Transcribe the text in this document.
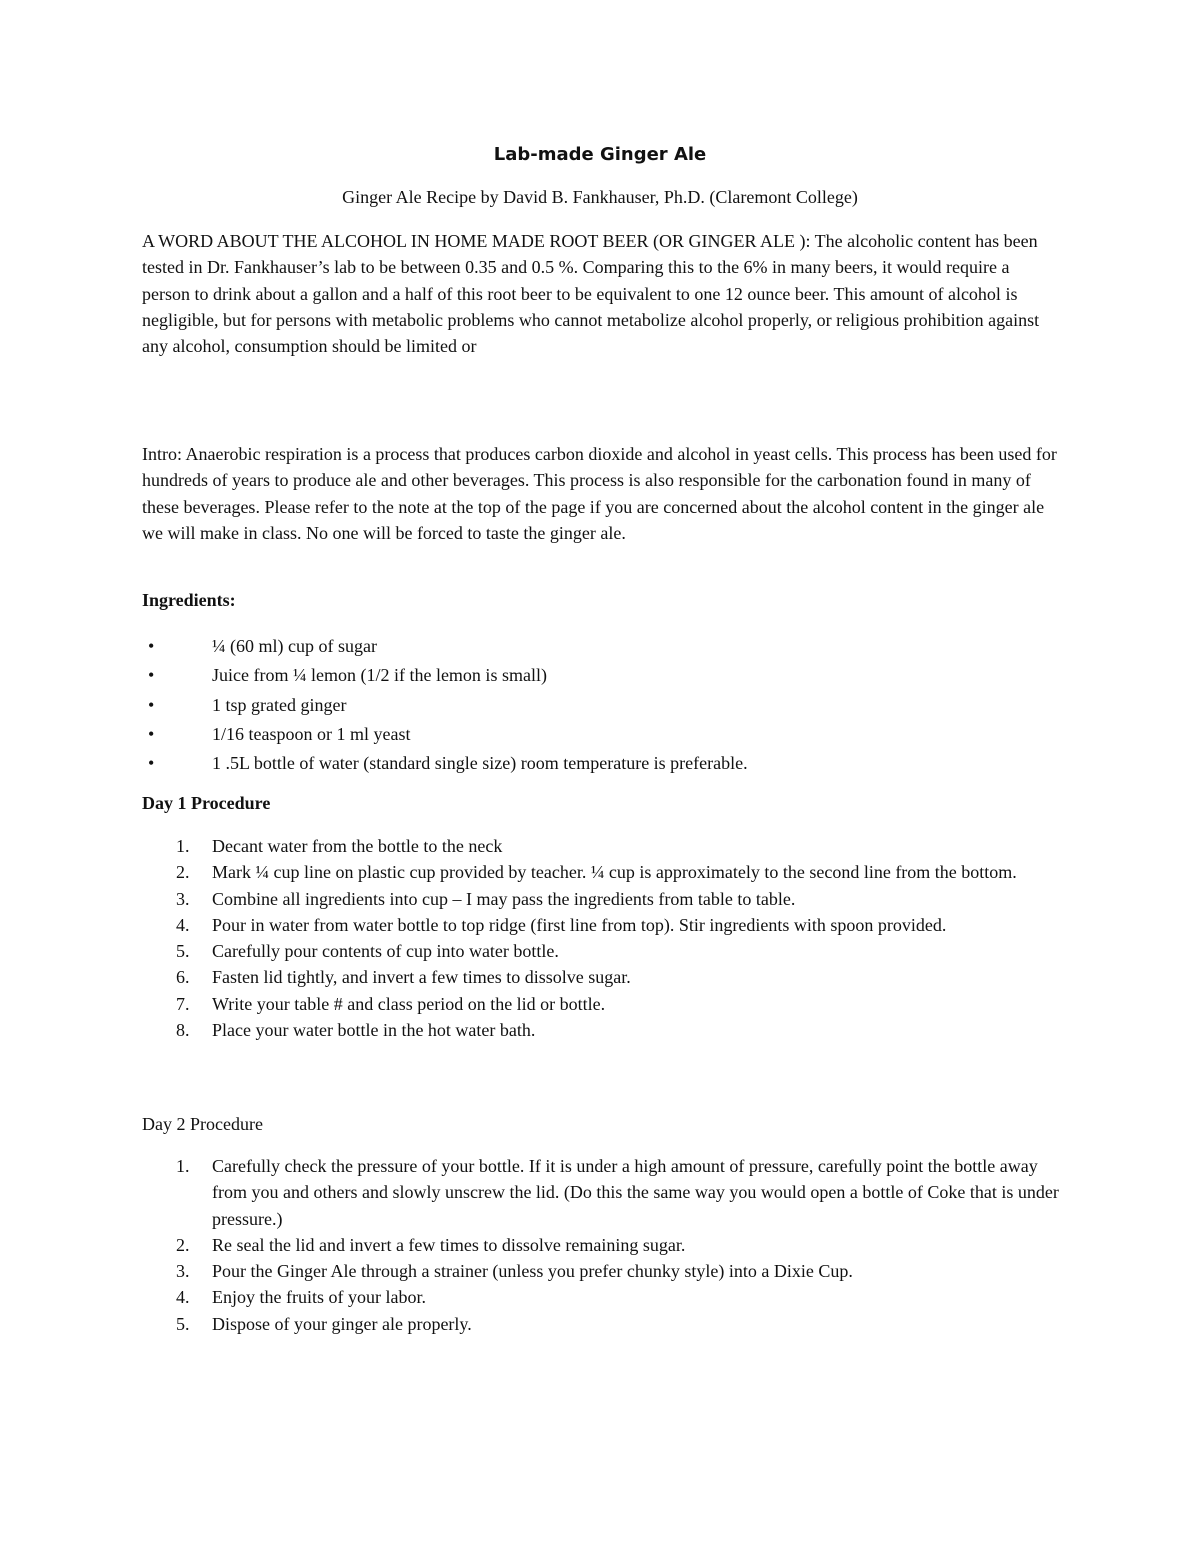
Lab-made Ginger Ale
Ginger Ale Recipe by David B. Fankhauser, Ph.D. (Claremont College)
A WORD ABOUT THE ALCOHOL IN HOME MADE ROOT BEER (OR GINGER ALE ): The alcoholic content has been tested in Dr. Fankhauser’s lab to be between 0.35 and 0.5 %. Comparing this to the 6% in many beers, it would require a person to drink about a gallon and a half of this root beer to be equivalent to one 12 ounce beer. This amount of alcohol is negligible, but for persons with metabolic problems who cannot metabolize alcohol properly, or religious prohibition against any alcohol, consumption should be limited or
Intro: Anaerobic respiration is a process that produces carbon dioxide and alcohol in yeast cells. This process has been used for hundreds of years to produce ale and other beverages. This process is also responsible for the carbonation found in many of these beverages. Please refer to the note at the top of the page if you are concerned about the alcohol content in the ginger ale we will make in class. No one will be forced to taste the ginger ale.
Ingredients:
•	¼ (60 ml) cup of sugar
•	Juice from ¼ lemon (1/2 if the lemon is small)
•	1 tsp grated ginger
•	1/16 teaspoon or 1 ml yeast
•	1 .5L bottle of water (standard single size) room temperature is preferable.
Day 1 Procedure
1. Decant water from the bottle to the neck
2. Mark ¼ cup line on plastic cup provided by teacher. ¼ cup is approximately to the second line from the bottom.
3. Combine all ingredients into cup – I may pass the ingredients from table to table.
4. Pour in water from water bottle to top ridge (first line from top). Stir ingredients with spoon provided.
5. Carefully pour contents of cup into water bottle.
6. Fasten lid tightly, and invert a few times to dissolve sugar.
7. Write your table # and class period on the lid or bottle.
8. Place your water bottle in the hot water bath.
Day 2 Procedure
1. Carefully check the pressure of your bottle. If it is under a high amount of pressure, carefully point the bottle away from you and others and slowly unscrew the lid. (Do this the same way you would open a bottle of Coke that is under pressure.)
2. Re seal the lid and invert a few times to dissolve remaining sugar.
3. Pour the Ginger Ale through a strainer (unless you prefer chunky style) into a Dixie Cup.
4. Enjoy the fruits of your labor.
5. Dispose of your ginger ale properly.
